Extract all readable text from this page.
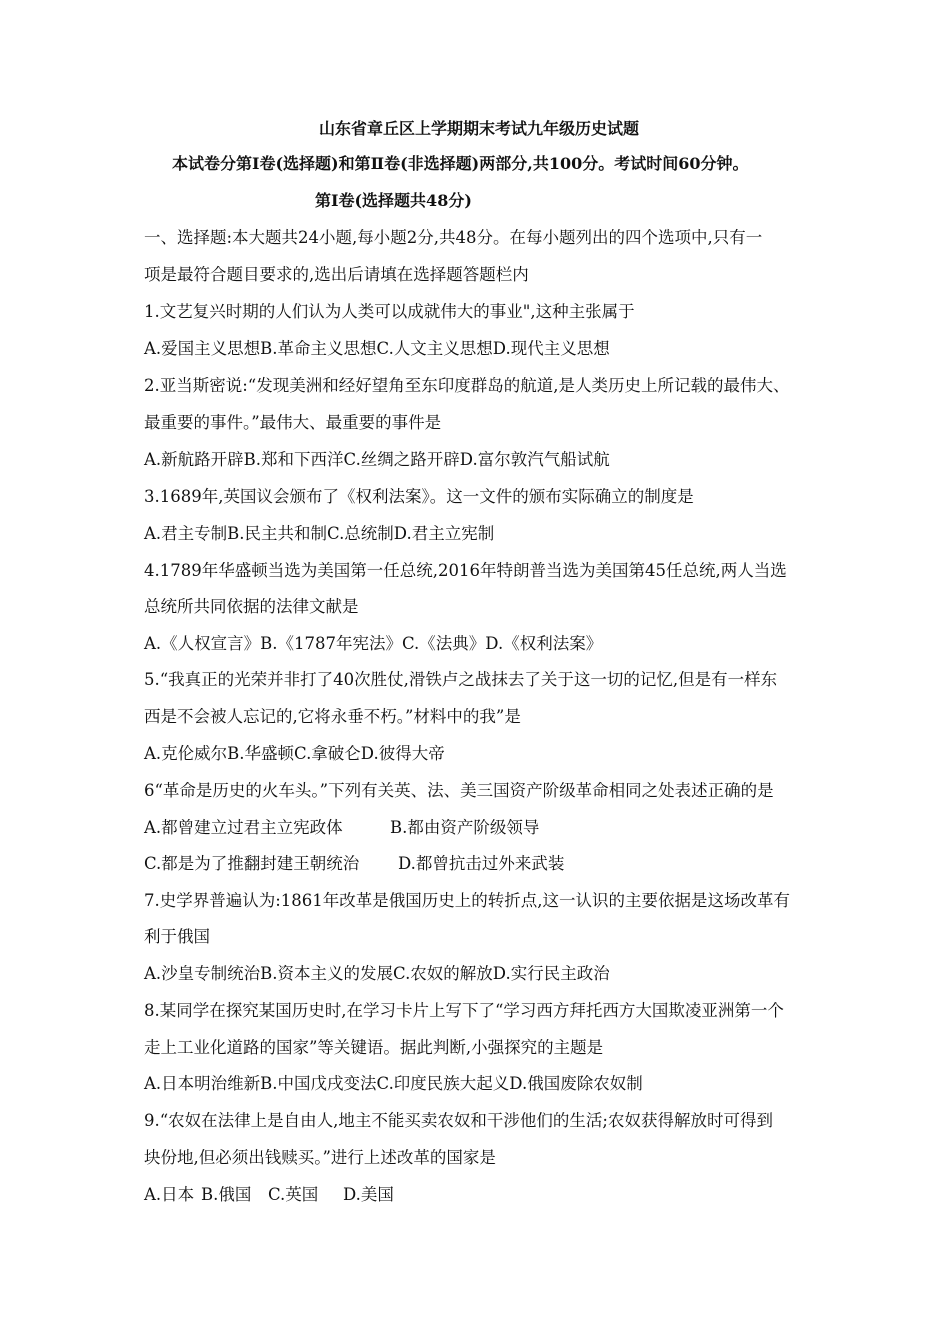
山东省章丘区上学期期末考试九年级历史试题
本试卷分第Ⅰ卷(选择题)和第Ⅱ卷(非选择题)两部分,共100分。考试时间60分钟。
第Ⅰ卷(选择题共48分)
一、选择题:本大题共24小题,每小题2分,共48分。在每小题列出的四个选项中,只有一
项是最符合题目要求的,选出后请填在选择题答题栏内
1.文艺复兴时期的人们认为人类可以成就伟大的事业",这种主张属于
A.爱国主义思想B.革命主义思想C.人文主义思想D.现代主义思想
2.亚当斯密说:“发现美洲和经好望角至东印度群岛的航道,是人类历史上所记载的最伟大、
最重要的事件。”最伟大、最重要的事件是
A.新航路开辟B.郑和下西洋C.丝绸之路开辟D.富尔敦汽气船试航
3.1689年,英国议会颁布了《权利法案》。这一文件的颁布实际确立的制度是
A.君主专制B.民主共和制C.总统制D.君主立宪制
4.1789年华盛顿当选为美国第一任总统,2016年特朗普当选为美国第45任总统,两人当选
总统所共同依据的法律文献是
A.《人权宣言》B.《1787年宪法》C.《法典》D.《权利法案》
5.“我真正的光荣并非打了40次胜仗,滑铁卢之战抹去了关于这一切的记忆,但是有一样东
西是不会被人忘记的,它将永垂不朽。”材料中的我”是
A.克伦威尔B.华盛顿C.拿破仑D.彼得大帝
6“革命是历史的火车头。”下列有关英、法、美三国资产阶级革命相同之处表述正确的是
A.都曾建立过君主立宪政体	B.都由资产阶级领导
C.都是为了推翻封建王朝统治 D.都曾抗击过外来武装
7.史学界普遍认为:1861年改革是俄国历史上的转折点,这一认识的主要依据是这场改革有
利于俄国
A.沙皇专制统治B.资本主义的发展C.农奴的解放D.实行民主政治
8.某同学在探究某国历史时,在学习卡片上写下了“学习西方拜托西方大国欺凌亚洲第一个
走上工业化道路的国家”等关键语。据此判断,小强探究的主题是
A.日本明治维新B.中国戊戌变法C.印度民族大起义D.俄国废除农奴制
9.“农奴在法律上是自由人,地主不能买卖农奴和干涉他们的生活;农奴获得解放时可得到
块份地,但必须出钱赎买。”进行上述改革的国家是
A.日本 B.俄国 C.英国 D.美国
